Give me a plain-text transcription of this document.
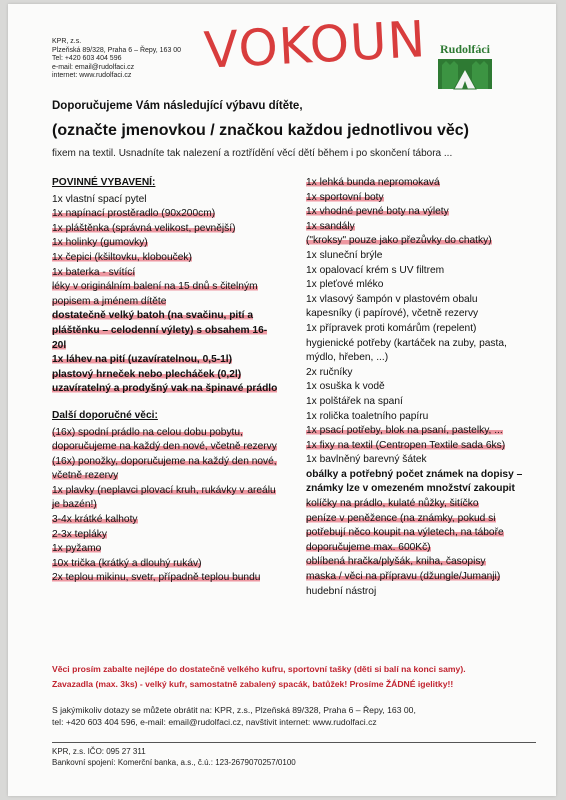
KPR, z.s.
Plzeňská 89/328, Praha 6 – Řepy, 163 00
Tel: +420 603 404 596
e-mail: email@rudolfaci.cz
internet: www.rudolfaci.cz	VOKOUN	Rudolfáci
Doporučujeme Vám následující výbavu dítěte,
(označte jmenovkou / značkou každou jednotlivou věc)
fixem na textil. Usnadníte tak nalezení a roztřídění věcí dětí během i po skončení tábora ...
POVINNÉ VYBAVENÍ:
1x vlastní spací pytel
1x napínací prostěradlo (90x200cm)
1x pláštěnka (správná velikost, pevnější)
1x holinky (gumovky)
1x čepici (kšiltovku, klobouček)
1x baterka - svítící
léky v originálním balení na 15 dnů s čitelným popisem a jménem dítěte
dostatečně velký batoh (na svačinu, pití a pláštěnku – celodenní výlety) s obsahem 16-20l
1x láhev na pití (uzavíratelnou, 0,5-1l)
plastový hrneček nebo plecháček (0,2l)
uzavíratelný a prodyšný vak na špinavé prádlo
Další doporučné věci:
(16x) spodní prádlo na celou dobu pobytu, doporučujeme na každý den nové, včetně rezervy
(16x) ponožky, doporučujeme na každý den nové, včetně rezervy
1x plavky (neplavci plovací kruh, rukávky v areálu je bazén!)
3-4x krátké kalhoty
2-3x tepláky
1x pyžamo
10x trička (krátký a dlouhý rukáv)
2x teplou mikinu, svetr, případně teplou bundu
1x lehká bunda nepromokavá
1x sportovní boty
1x vhodné pevné boty na výlety
1x sandály
("kroksy" pouze jako přezůvky do chatky)
1x sluneční brýle
1x opalovací krém s UV filtrem
1x pleťové mléko
1x vlasový šampón v plastovém obalu
kapesníky (i papírové), včetně rezervy
1x přípravek proti komárům (repelent)
hygienické potřeby (kartáček na zuby, pasta, mýdlo, hřeben, ...)
2x ručníky
1x osuška k vodě
1x polštářek na spaní
1x rolička toaletního papíru
1x psací potřeby, blok na psaní, pastelky, ...
1x fixy na textil (Centropen Textile sada 6ks)
1x bavlněný barevný šátek
obálky a potřebný počet známek na dopisy – známky lze v omezeném množství zakoupit
kolíčky na prádlo, kulaté nůžky, šitíčko
peníze v peněžence (na známky, pokud si potřebují něco koupit na výletech, na táboře doporučujeme max. 600Kč)
oblíbená hračka/plyšák, kniha, časopisy
maska / věci na přípravu (džungle/Jumanji)
hudební nástroj
Věci prosím zabalte nejlépe do dostatečně velkého kufru, sportovní tašky (děti si balí na konci samy).
Zavazadla (max. 3ks) - velký kufr, samostatně zabalený spacák, batůžek! Prosíme ŽÁDNÉ igelitky!!
S jakýmikoliv dotazy se můžete obrátit na: KPR, z.s., Plzeňská 89/328, Praha 6 – Řepy, 163 00,
tel: +420 603 404 596, e-mail: email@rudolfaci.cz, navštivit internet: www.rudolfaci.cz
KPR, z.s. IČO: 095 27 311
Bankovní spojení: Komerční banka, a.s., č.ú.: 123-2679070257/0100
